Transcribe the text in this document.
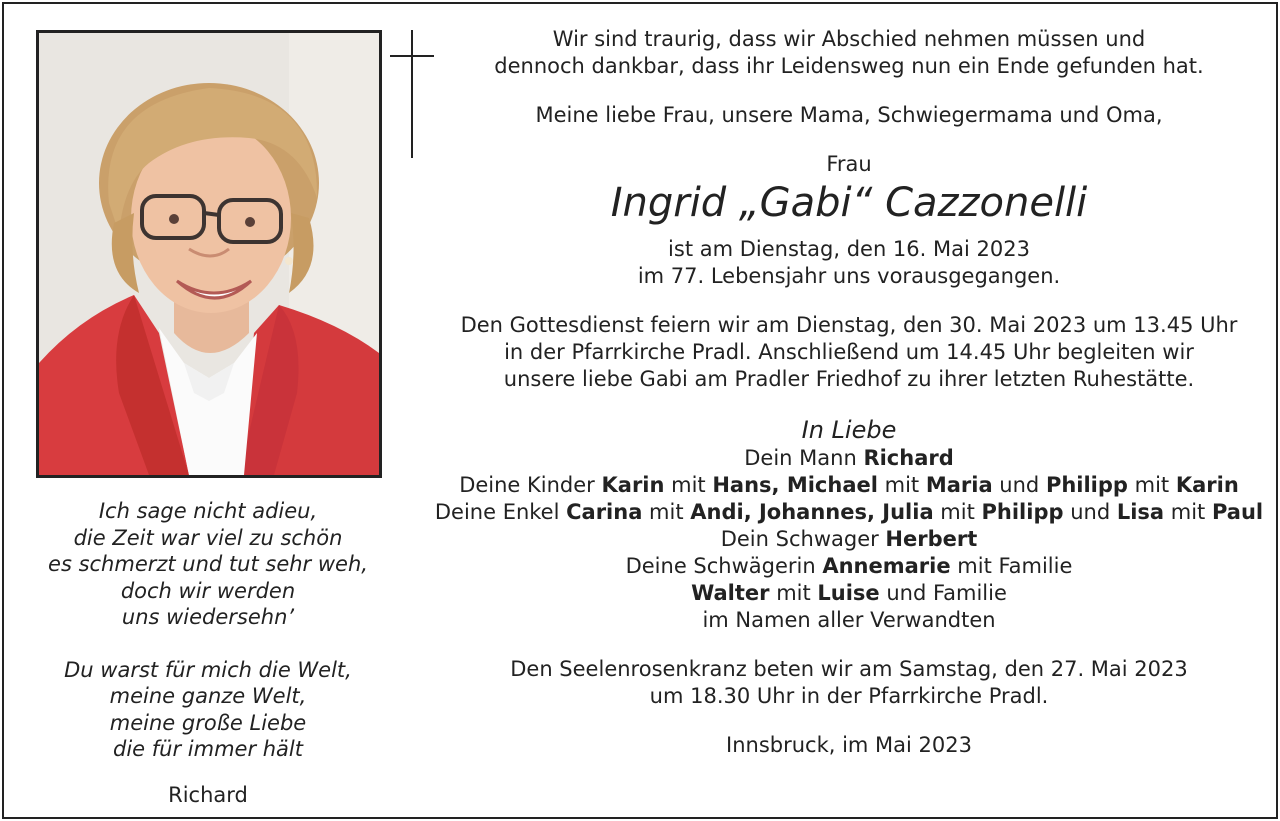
Ich sage nicht adieu,
die Zeit war viel zu schön
es schmerzt und tut sehr weh,
doch wir werden
uns wiedersehn’

Du warst für mich die Welt,
meine ganze Welt,
meine große Liebe
die für immer hält

Richard
Wir sind traurig, dass wir Abschied nehmen müssen und
dennoch dankbar, dass ihr Leidensweg nun ein Ende gefunden hat.
Meine liebe Frau, unsere Mama, Schwiegermama und Oma,
Frau
Ingrid „Gabi“ Cazzonelli
ist am Dienstag, den 16. Mai 2023
im 77. Lebensjahr uns vorausgegangen.
Den Gottesdienst feiern wir am Dienstag, den 30. Mai 2023 um 13.45 Uhr
in der Pfarrkirche Pradl. Anschließend um 14.45 Uhr begleiten wir
unsere liebe Gabi am Pradler Friedhof zu ihrer letzten Ruhestätte.
In Liebe
Dein Mann Richard
Deine Kinder Karin mit Hans, Michael mit Maria und Philipp mit Karin
Deine Enkel Carina mit Andi, Johannes, Julia mit Philipp und Lisa mit Paul
Dein Schwager Herbert
Deine Schwägerin Annemarie mit Familie
Walter mit Luise und Familie
im Namen aller Verwandten
Den Seelenrosenkranz beten wir am Samstag, den 27. Mai 2023
um 18.30 Uhr in der Pfarrkirche Pradl.
Innsbruck, im Mai 2023
